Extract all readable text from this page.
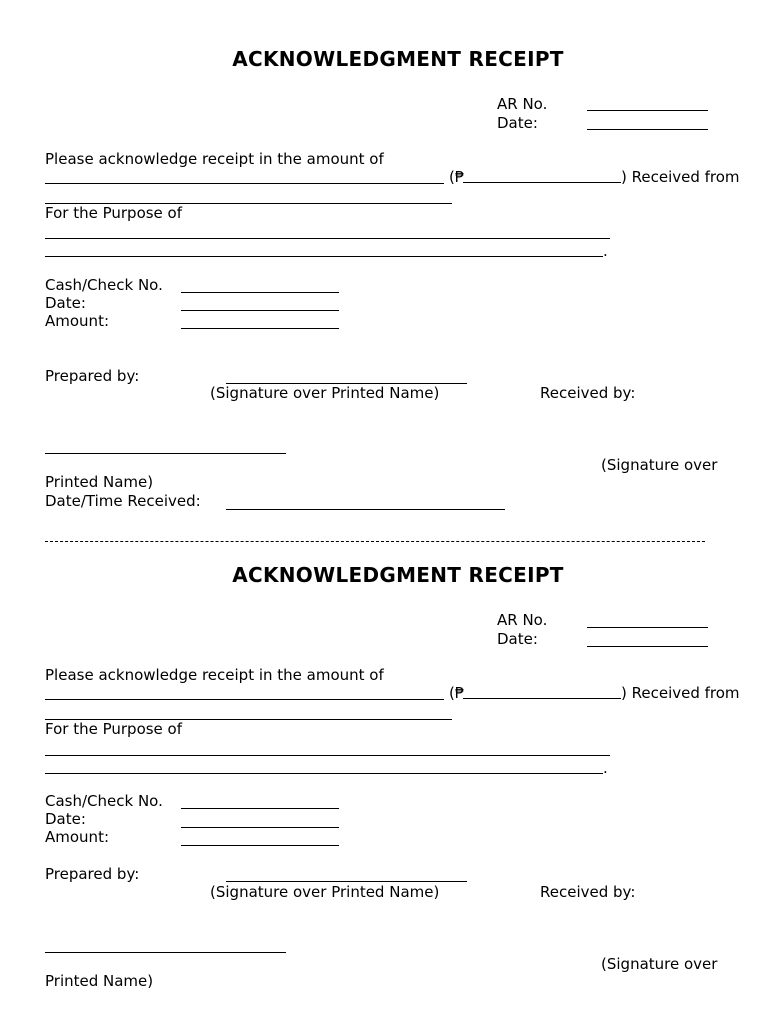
ACKNOWLEDGMENT RECEIPT
AR No.
Date:
Please acknowledge receipt in the amount of
(₱	) Received from
For the Purpose of
.
Cash/Check No.
Date:
Amount:
Prepared by:
(Signature over Printed Name)	Received by:
(Signature over
Printed Name)
Date/Time Received:
ACKNOWLEDGMENT RECEIPT
AR No.
Date:
Please acknowledge receipt in the amount of
(₱	) Received from
For the Purpose of
.
Cash/Check No.
Date:
Amount:
Prepared by:
(Signature over Printed Name)	Received by:
(Signature over
Printed Name)
